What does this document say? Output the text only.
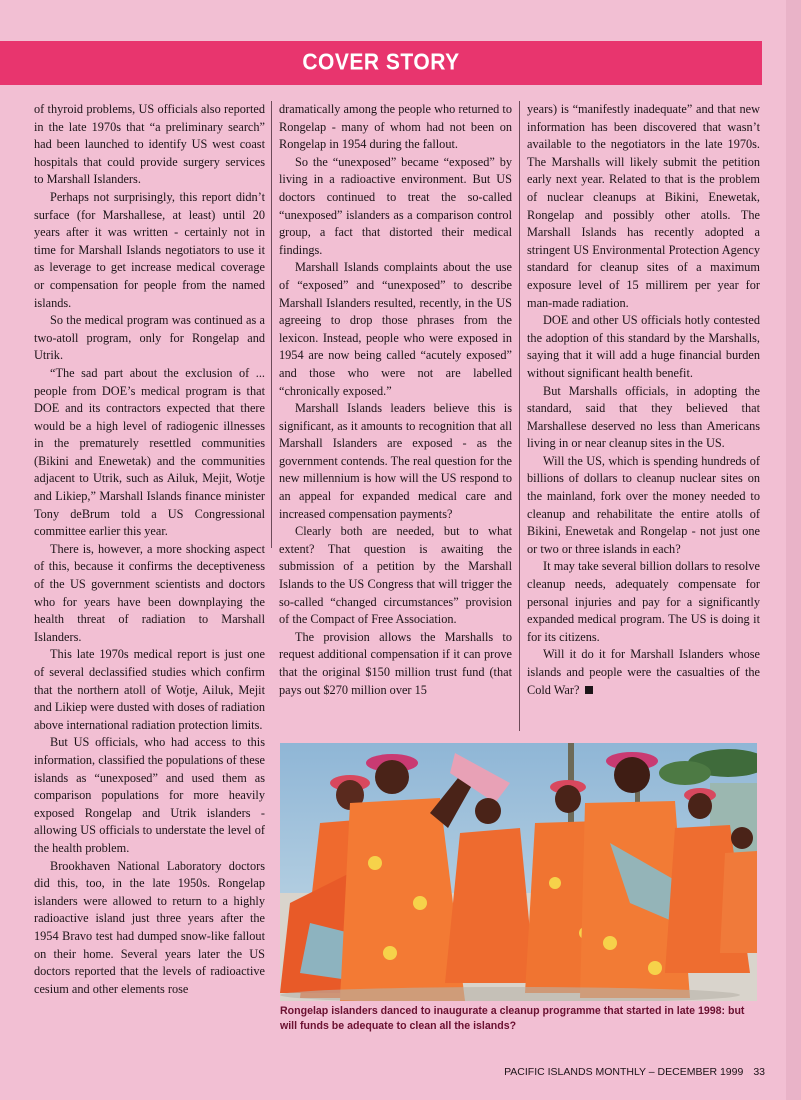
COVER STORY

of thyroid problems, US officials also reported in the late 1970s that “a preliminary search” had been launched to identify US west coast hospitals that could provide surgery services to Marshall Islanders.

Perhaps not surprisingly, this report didn’t surface (for Marshallese, at least) until 20 years after it was written - certainly not in time for Marshall Islands negotiators to use it as leverage to get increase medical coverage or compensation for people from the named islands.

So the medical program was continued as a two-atoll program, only for Rongelap and Utrik.

“The sad part about the exclusion of ... people from DOE’s medical program is that DOE and its contractors expected that there would be a high level of radiogenic illnesses in the prematurely resettled communities (Bikini and Enewetak) and the communities adjacent to Utrik, such as Ailuk, Mejit, Wotje and Likiep,” Marshall Islands finance minister Tony deBrum told a US Congressional committee earlier this year.

There is, however, a more shocking aspect of this, because it confirms the deceptiveness of the US government scientists and doctors who for years have been downplaying the health threat of radiation to Marshall Islanders.

This late 1970s medical report is just one of several declassified studies which confirm that the northern atoll of Wotje, Ailuk, Mejit and Likiep were dusted with doses of radiation above international radiation protection limits.

But US officials, who had access to this information, classified the populations of these islands as “unexposed” and used them as comparison populations for more heavily exposed Rongelap and Utrik islanders - allowing US officials to understate the level of the health problem.

Brookhaven National Laboratory doctors did this, too, in the late 1950s. Rongelap islanders were allowed to return to a highly radioactive island just three years after the 1954 Bravo test had dumped snow-like fallout on their home. Several years later the US doctors reported that the levels of radioactive cesium and other elements rose

dramatically among the people who returned to Rongelap - many of whom had not been on Rongelap in 1954 during the fallout.

So the “unexposed” became “exposed” by living in a radioactive environment. But US doctors continued to treat the so-called “unexposed” islanders as a comparison control group, a fact that distorted their medical findings.

Marshall Islands complaints about the use of “exposed” and “unexposed” to describe Marshall Islanders resulted, recently, in the US agreeing to drop those phrases from the lexicon. Instead, people who were exposed in 1954 are now being called “acutely exposed” and those who were not are labelled “chronically exposed.”

Marshall Islands leaders believe this is significant, as it amounts to recognition that all Marshall Islanders are exposed - as the government contends. The real question for the new millennium is how will the US respond to an appeal for expanded medical care and increased compensation payments?

Clearly both are needed, but to what extent? That question is awaiting the submission of a petition by the Marshall Islands to the US Congress that will trigger the so-called “changed circumstances” provision of the Compact of Free Association.

The provision allows the Marshalls to request additional compensation if it can prove that the original $150 million trust fund (that pays out $270 million over 15

years) is “manifestly inadequate” and that new information has been discovered that wasn’t available to the negotiators in the late 1970s. The Marshalls will likely submit the petition early next year. Related to that is the problem of nuclear cleanups at Bikini, Enewetak, Rongelap and possibly other atolls. The Marshall Islands has recently adopted a stringent US Environmental Protection Agency standard for cleanup sites of a maximum exposure level of 15 millirem per year for man-made radiation.

DOE and other US officials hotly contested the adoption of this standard by the Marshalls, saying that it will add a huge financial burden without significant health benefit.

But Marshalls officials, in adopting the standard, said that they believed that Marshallese deserved no less than Americans living in or near cleanup sites in the US.

Will the US, which is spending hundreds of billions of dollars to cleanup nuclear sites on the mainland, fork over the money needed to cleanup and rehabilitate the entire atolls of Bikini, Enewetak and Rongelap - not just one or two or three islands in each?

It may take several billion dollars to resolve cleanup needs, adequately compensate for personal injuries and pay for a significantly expanded medical program. The US is doing it for its citizens.

Will it do it for Marshall Islanders whose islands and people were the casualties of the Cold War?

Rongelap islanders danced to inaugurate a cleanup programme that started in late 1998: but will funds be adequate to clean all the islands?
PACIFIC ISLANDS MONTHLY – DECEMBER 1999 33
